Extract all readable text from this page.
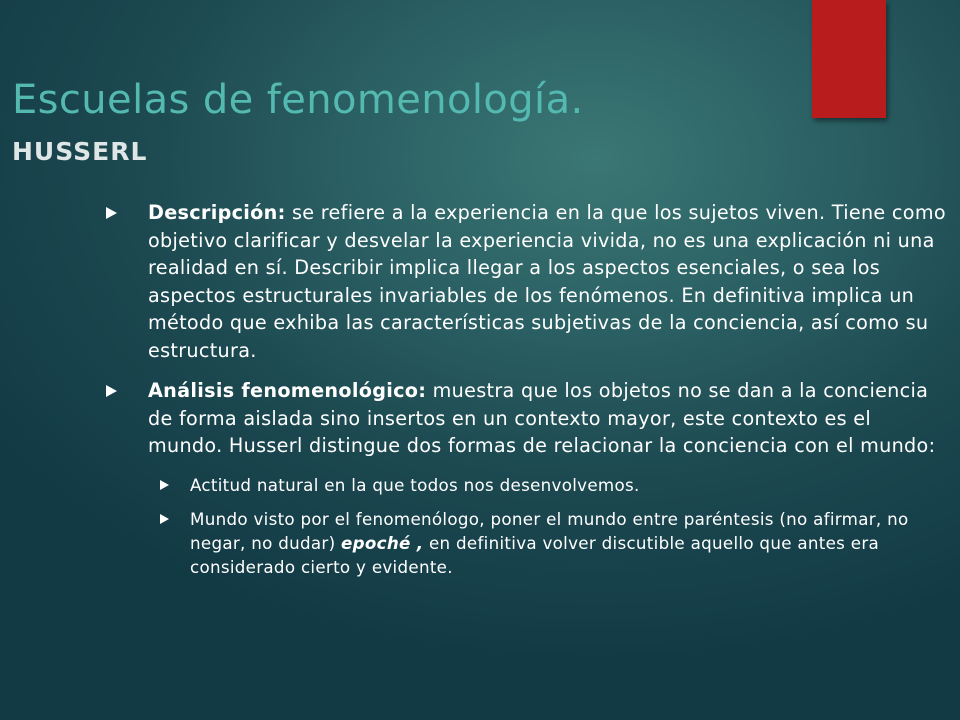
Escuelas de fenomenología.
HUSSERL
Descripción: se refiere a la experiencia en la que los sujetos viven. Tiene como objetivo clarificar y desvelar la experiencia vivida, no es una explicación ni una realidad en sí. Describir implica llegar a los aspectos esenciales, o sea los aspectos estructurales invariables de los fenómenos. En definitiva implica un método que exhiba las características subjetivas de la conciencia, así como su estructura.
Análisis fenomenológico: muestra que los objetos no se dan a la conciencia de forma aislada sino insertos en un contexto mayor, este contexto es el mundo. Husserl distingue dos formas de relacionar la conciencia con el mundo:
Actitud natural en la que todos nos desenvolvemos.
Mundo visto por el fenomenólogo, poner el mundo entre paréntesis (no afirmar, no negar, no dudar) epoché , en definitiva volver discutible aquello que antes era considerado cierto y evidente.
